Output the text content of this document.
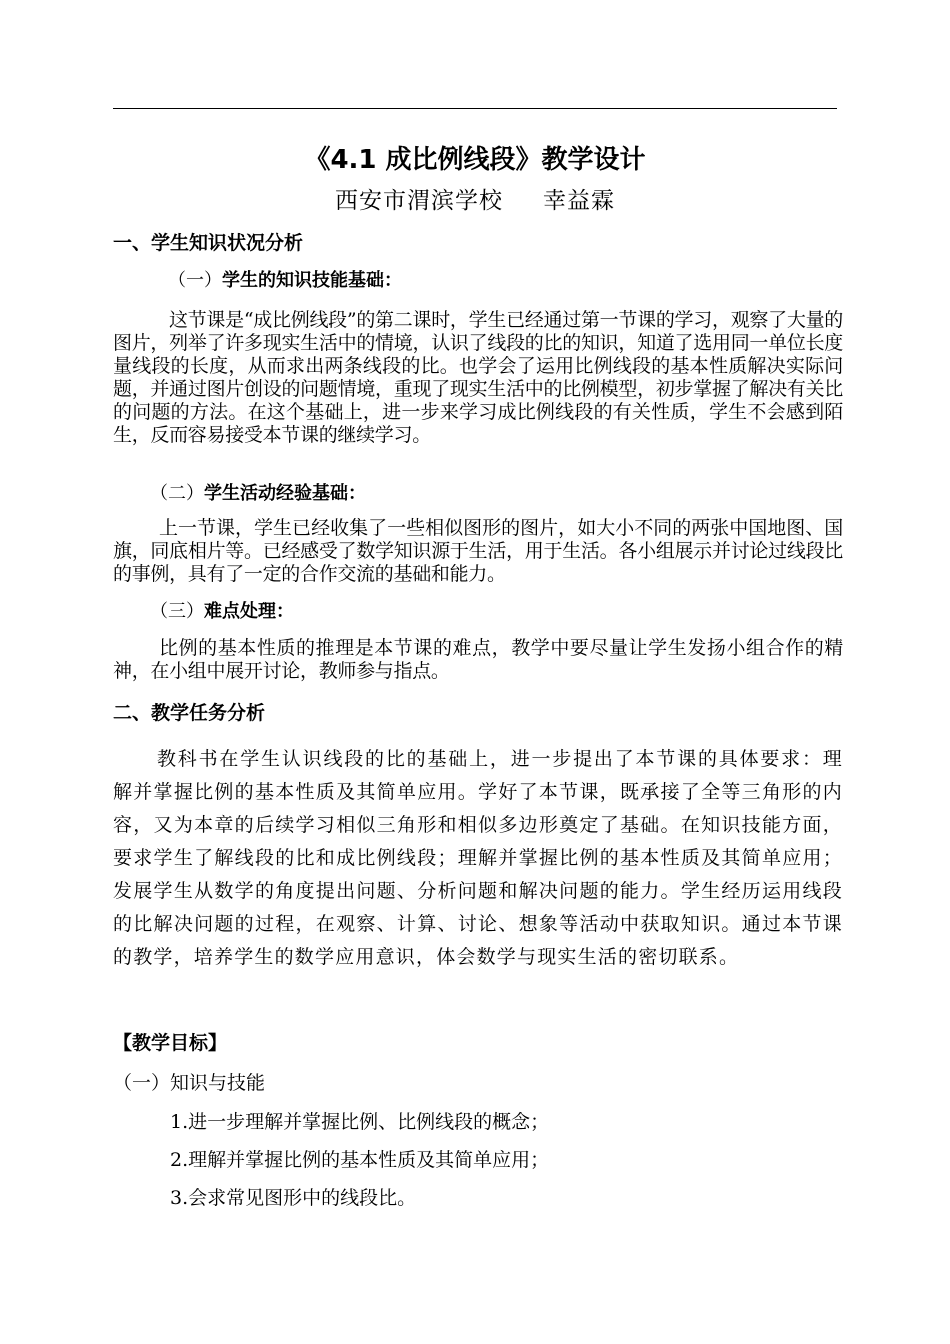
《4.1 成比例线段》教学设计
西安市渭滨学校 幸益霖
一、学生知识状况分析
（一）学生的知识技能基础：

这节课是“成比例线段”的第二课时，学生已经通过第一节课的学习，观察了大量的图片，列举了许多现实生活中的情境，认识了线段的比的知识，知道了选用同一单位长度量线段的长度，从而求出两条线段的比。也学会了运用比例线段的基本性质解决实际问题，并通过图片创设的问题情境，重现了现实生活中的比例模型，初步掌握了解决有关比的问题的方法。在这个基础上，进一步来学习成比例线段的有关性质，学生不会感到陌生，反而容易接受本节课的继续学习。

（二）学生活动经验基础：

上一节课，学生已经收集了一些相似图形的图片，如大小不同的两张中国地图、国旗，同底相片等。已经感受了数学知识源于生活，用于生活。各小组展示并讨论过线段比的事例，具有了一定的合作交流的基础和能力。

（三）难点处理：

比例的基本性质的推理是本节课的难点，教学中要尽量让学生发扬小组合作的精神，在小组中展开讨论，教师参与指点。

二、教学任务分析

教科书在学生认识线段的比的基础上，进一步提出了本节课的具体要求：理解并掌握比例的基本性质及其简单应用。学好了本节课，既承接了全等三角形的内容，又为本章的后续学习相似三角形和相似多边形奠定了基础。在知识技能方面，要求学生了解线段的比和成比例线段；理解并掌握比例的基本性质及其简单应用；发展学生从数学的角度提出问题、分析问题和解决问题的能力。学生经历运用线段的比解决问题的过程，在观察、计算、讨论、想象等活动中获取知识。通过本节课的教学，培养学生的数学应用意识，体会数学与现实生活的密切联系。

【教学目标】
（一）知识与技能
1.进一步理解并掌握比例、比例线段的概念；
2.理解并掌握比例的基本性质及其简单应用；
3.会求常见图形中的线段比。
